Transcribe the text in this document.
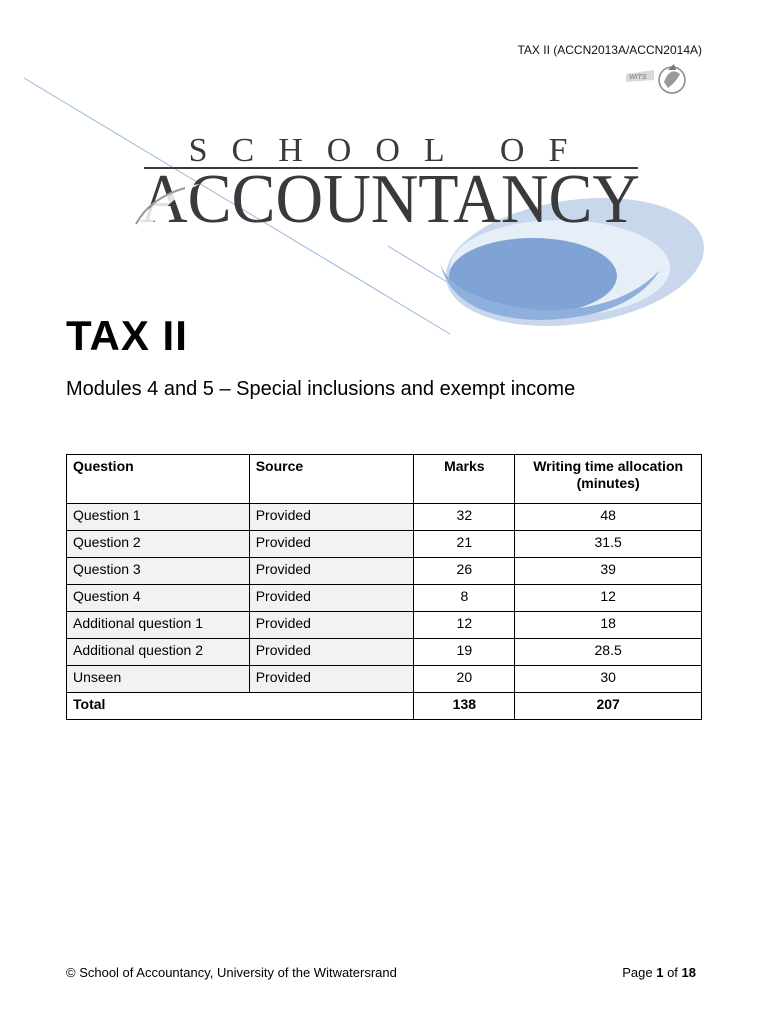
TAX II (ACCN2013A/ACCN2014A)
WITS
SCHOOL OF
ACCOUNTANCY
TAX II
Modules 4 and 5 – Special inclusions and exempt income
Question	Source	Marks	Writing time allocation (minutes)
Question 1	Provided	32	48
Question 2	Provided	21	31.5
Question 3	Provided	26	39
Question 4	Provided	8	12
Additional question 1	Provided	12	18
Additional question 2	Provided	19	28.5
Unseen	Provided	20	30
Total		138	207
© School of Accountancy, University of the Witwatersrand	Page 1 of 18
